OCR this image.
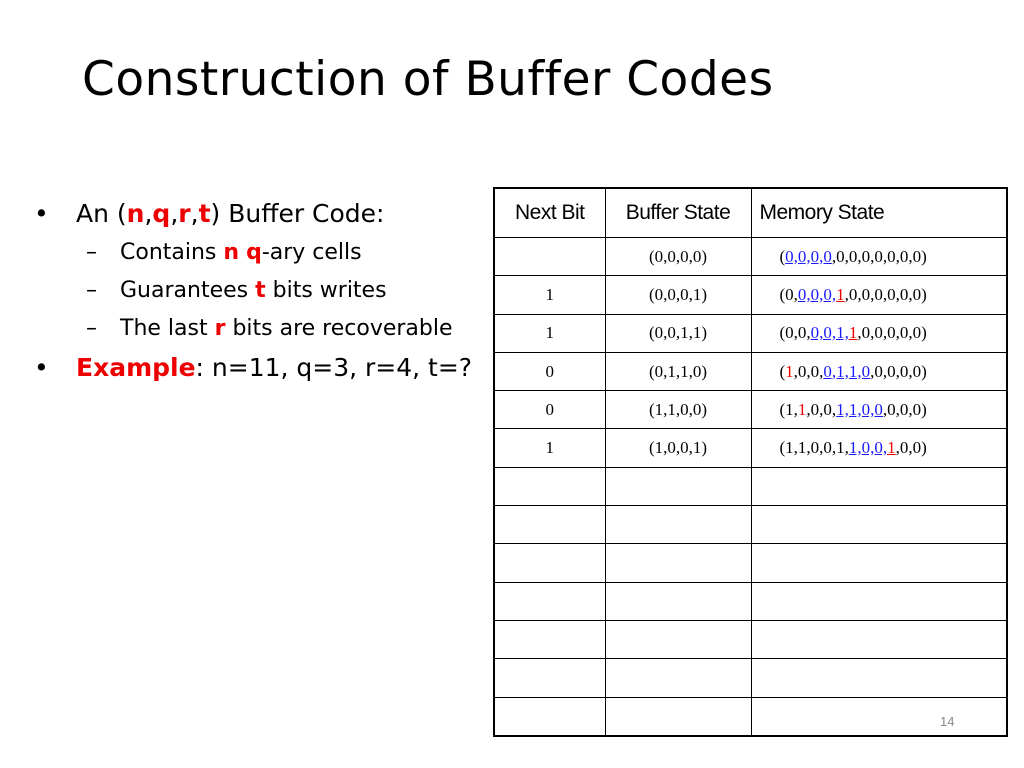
Construction of Buffer Codes
• An (n,q,r,t) Buffer Code:
– Contains n q-ary cells
– Guarantees t bits writes
– The last r bits are recoverable
• Example: n=11, q=3, r=4, t=?
Next Bit	Buffer State	Memory State
	(0,0,0,0)	(0,0,0,0,0,0,0,0,0,0,0)
1	(0,0,0,1)	(0,0,0,0,1,0,0,0,0,0,0)
1	(0,0,1,1)	(0,0,0,0,1,1,0,0,0,0,0)
0	(0,1,1,0)	(1,0,0,0,1,1,0,0,0,0,0)
0	(1,1,0,0)	(1,1,0,0,1,1,0,0,0,0,0)
1	(1,0,0,1)	(1,1,0,0,1,1,0,0,1,0,0)

14
